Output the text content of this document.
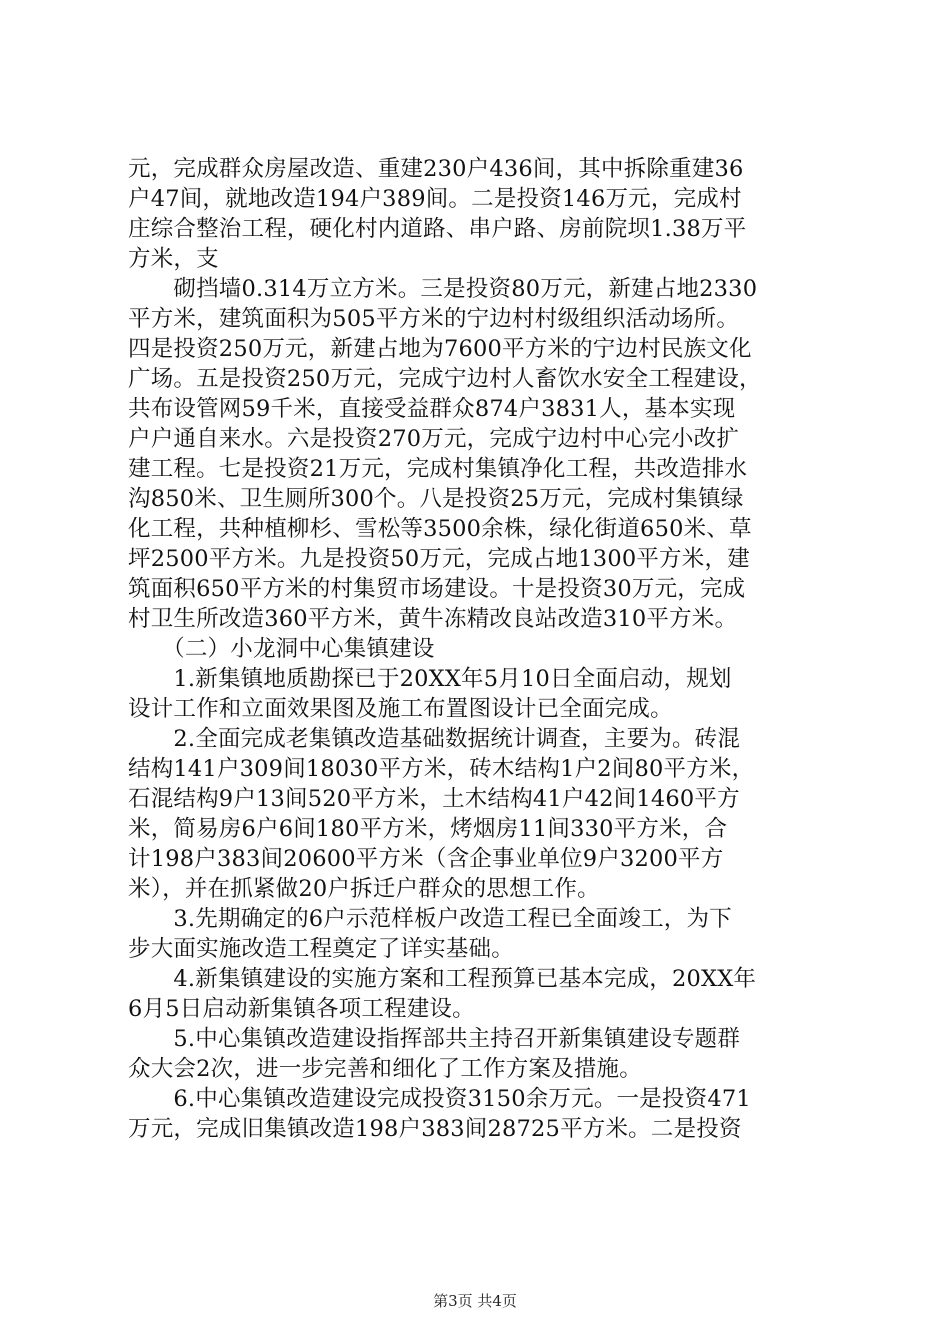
元，完成群众房屋改造、重建230户436间，其中拆除重建36
户47间，就地改造194户389间。二是投资146万元，完成村
庄综合整治工程，硬化村内道路、串户路、房前院坝1.38万平
方米，支
　　砌挡墙0.314万立方米。三是投资80万元，新建占地2330
平方米，建筑面积为505平方米的宁边村村级组织活动场所。
四是投资250万元，新建占地为7600平方米的宁边村民族文化
广场。五是投资250万元，完成宁边村人畜饮水安全工程建设，
共布设管网59千米，直接受益群众874户3831人，基本实现
户户通自来水。六是投资270万元，完成宁边村中心完小改扩
建工程。七是投资21万元，完成村集镇净化工程，共改造排水
沟850米、卫生厕所300个。八是投资25万元，完成村集镇绿
化工程，共种植柳杉、雪松等3500余株，绿化街道650米、草
坪2500平方米。九是投资50万元，完成占地1300平方米，建
筑面积650平方米的村集贸市场建设。十是投资30万元，完成
村卫生所改造360平方米，黄牛冻精改良站改造310平方米。
　　（二）小龙洞中心集镇建设
　　1.新集镇地质勘探已于20XX年5月10日全面启动，规划
设计工作和立面效果图及施工布置图设计已全面完成。
　　2.全面完成老集镇改造基础数据统计调查，主要为。砖混
结构141户309间18030平方米，砖木结构1户2间80平方米，
石混结构9户13间520平方米，土木结构41户42间1460平方
米，简易房6户6间180平方米，烤烟房11间330平方米，合
计198户383间20600平方米（含企事业单位9户3200平方
米），并在抓紧做20户拆迁户群众的思想工作。
　　3.先期确定的6户示范样板户改造工程已全面竣工，为下
步大面实施改造工程奠定了详实基础。
　　4.新集镇建设的实施方案和工程预算已基本完成，20XX年
6月5日启动新集镇各项工程建设。
　　5.中心集镇改造建设指挥部共主持召开新集镇建设专题群
众大会2次，进一步完善和细化了工作方案及措施。
　　6.中心集镇改造建设完成投资3150余万元。一是投资471
万元，完成旧集镇改造198户383间28725平方米。二是投资
第3页 共4页
